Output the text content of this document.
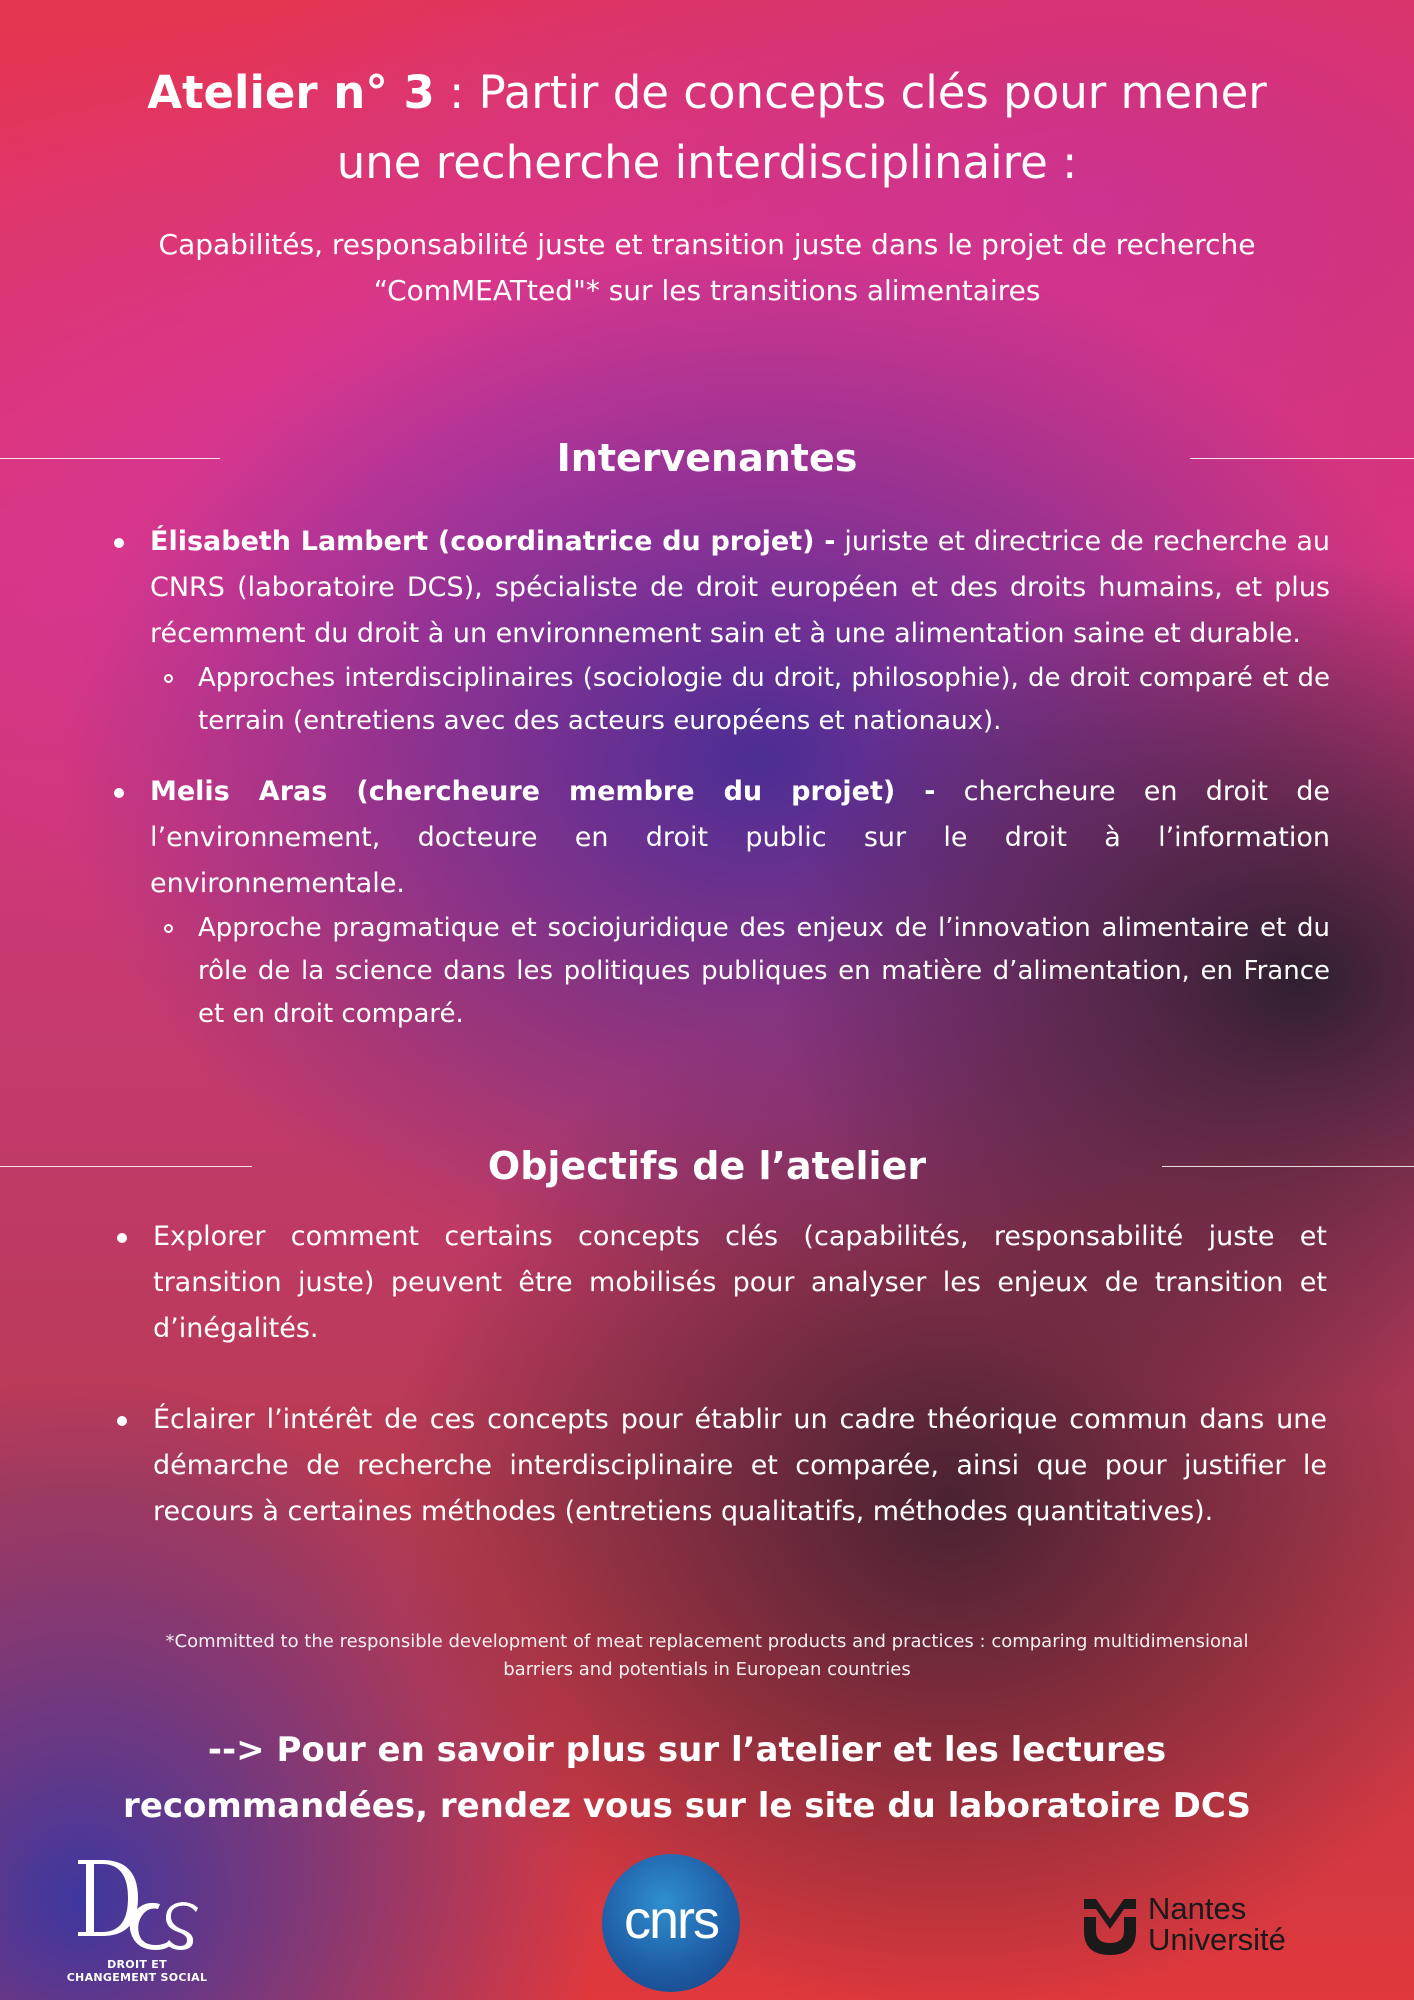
Atelier n° 3 : Partir de concepts clés pour mener
une recherche interdisciplinaire :
Capabilités, responsabilité juste et transition juste dans le projet de recherche
“ComMEATted"* sur les transitions alimentaires
Intervenantes
Élisabeth Lambert (coordinatrice du projet) - juriste et directrice de recherche au CNRS (laboratoire DCS), spécialiste de droit européen et des droits humains, et plus récemment du droit à un environnement sain et à une alimentation saine et durable.
Approches interdisciplinaires (sociologie du droit, philosophie), de droit comparé et de terrain (entretiens avec des acteurs européens et nationaux).
Melis Aras (chercheure membre du projet) - chercheure en droit de l’environnement, docteure en droit public sur le droit à l’information environnementale.
Approche pragmatique et sociojuridique des enjeux de l’innovation alimentaire et du rôle de la science dans les politiques publiques en matière d’alimentation, en France et en droit comparé.
Objectifs de l’atelier
Explorer comment certains concepts clés (capabilités, responsabilité juste et transition juste) peuvent être mobilisés pour analyser les enjeux de transition et d’inégalités.
Éclairer l’intérêt de ces concepts pour établir un cadre théorique commun dans une démarche de recherche interdisciplinaire et comparée, ainsi que pour justifier le recours à certaines méthodes (entretiens qualitatifs, méthodes quantitatives).
*Committed to the responsible development of meat replacement products and practices : comparing multidimensional
barriers and potentials in European countries
--> Pour en savoir plus sur l’atelier et les lectures
recommandées, rendez vous sur le site du laboratoire DCS
DROIT ET
CHANGEMENT SOCIAL
cnrs	Nantes
Université
